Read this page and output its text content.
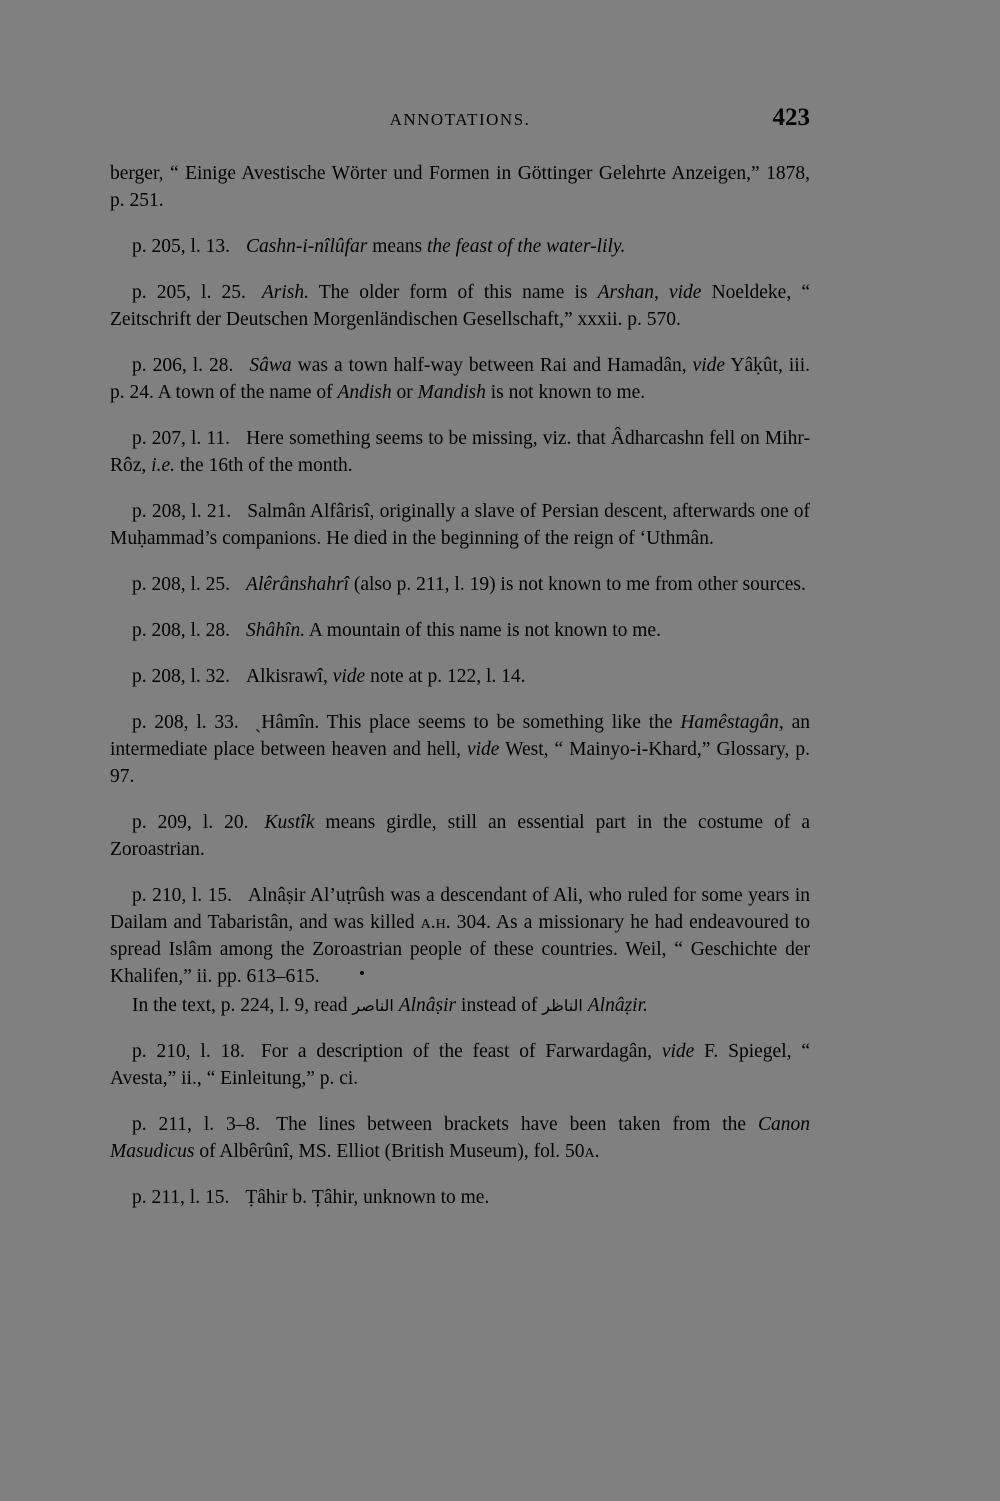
ANNOTATIONS.	423

berger, “ Einige Avestische Wörter und Formen in Göttinger Gelehrte Anzeigen,” 1878, p. 251.

p. 205, l. 13. Cashn-i-nîlûfar means the feast of the water-lily.

p. 205, l. 25. Arish. The older form of this name is Arshan, vide Noeldeke, “ Zeitschrift der Deutschen Morgenländischen Gesellschaft,” xxxii. p. 570.

p. 206, l. 28. Sâwa was a town half-way between Rai and Hamadân, vide Yâḳût, iii. p. 24. A town of the name of Andish or Mandish is not known to me.

p. 207, l. 11. Here something seems to be missing, viz. that Âdharcashn fell on Mihr-Rôz, i.e. the 16th of the month.

p. 208, l. 21. Salmân Alfârisî, originally a slave of Persian descent, afterwards one of Muḥammad’s companions. He died in the beginning of the reign of ‘Uthmân.

p. 208, l. 25. Alêrânshahrî (also p. 211, l. 19) is not known to me from other sources.

p. 208, l. 28. Shâhîn. A mountain of this name is not known to me.

p. 208, l. 32. Alkisrawî, vide note at p. 122, l. 14.

p. 208, l. 33. ˎHâmîn. This place seems to be something like the Hamêstagân, an intermediate place between heaven and hell, vide West, “ Mainyo-i-Khard,” Glossary, p. 97.

p. 209, l. 20. Kustîk means girdle, still an essential part in the costume of a Zoroastrian.

p. 210, l. 15. Alnâṣir Al’uṭrûsh was a descendant of Ali, who ruled for some years in Dailam and Tabaristân, and was killed a.h. 304. As a missionary he had endeavoured to spread Islâm among the Zoroastrian people of these countries. Weil, “ Geschichte der Khalifen,” ii. pp. 613–615.

In the text, p. 224, l. 9, read الناصر Alnâṣir instead of الناظر Alnâẓir.

p. 210, l. 18. For a description of the feast of Farwardagân, vide F. Spiegel, “ Avesta,” ii., “ Einleitung,” p. ci.

p. 211, l. 3–8. The lines between brackets have been taken from the Canon Masudicus of Albêrûnî, MS. Elliot (British Museum), fol. 50a.

p. 211, l. 15. Ṭâhir b. Ṭâhir, unknown to me.
